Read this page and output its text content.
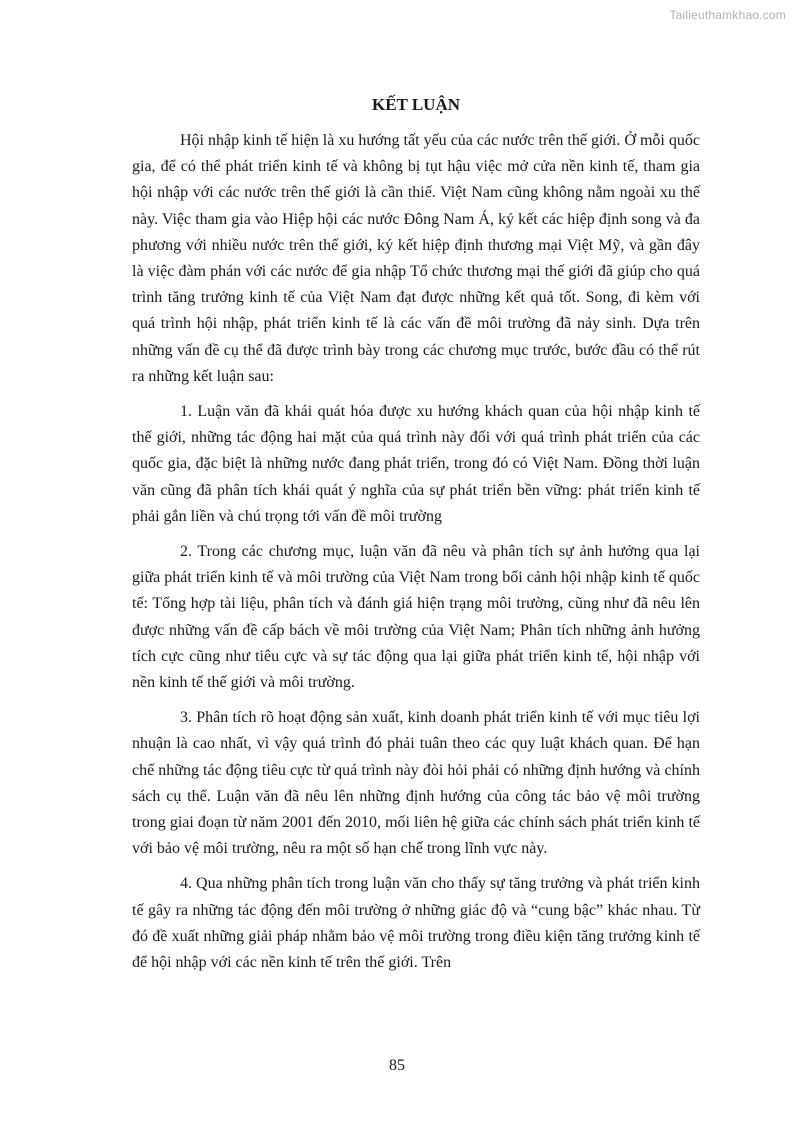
Tailieuthamkhao.com
KẾT LUẬN

Hội nhập kinh tế hiện là xu hướng tất yếu của các nước trên thế giới. Ở mỗi quốc gia, để có thể phát triển kinh tế và không bị tụt hậu việc mở cửa nền kinh tế, tham gia hội nhập với các nước trên thế giới là cần thiế. Việt Nam cũng không nằm ngoài xu thế này. Việc tham gia vào Hiệp hội các nước Đông Nam Á, ký kết các hiệp định song và đa phương với nhiều nước trên thế giới, ký kết hiệp định thương mại Việt Mỹ, và gần đây là việc đàm phán với các nước để gia nhập Tổ chức thương mại thế giới đã giúp cho quá trình tăng trưởng kinh tế của Việt Nam đạt được những kết quả tốt. Song, đi kèm với quá trình hội nhập, phát triển kinh tế là các vấn đề môi trường đã nảy sinh. Dựa trên những vấn đề cụ thể đã được trình bày trong các chương mục trước, bước đầu có thể rút ra những kết luận sau:

1. Luận văn đã khái quát hóa được xu hướng khách quan của hội nhập kinh tế thế giới, những tác động hai mặt của quá trình này đối với quá trình phát triển của các quốc gia, đặc biệt là những nước đang phát triển, trong đó có Việt Nam. Đồng thời luận văn cũng đã phân tích khái quát ý nghĩa của sự phát triển bền vững: phát triển kinh tế phải gắn liền và chú trọng tới vấn đề môi trường

2. Trong các chương mục, luận văn đã nêu và phân tích sự ảnh hưởng qua lại giữa phát triển kinh tế và môi trường của Việt Nam trong bối cảnh hội nhập kinh tế quốc tế: Tổng hợp tài liệu, phân tích và đánh giá hiện trạng môi trường, cũng như đã nêu lên được những vấn đề cấp bách về môi trường của Việt Nam; Phân tích những ảnh hưởng tích cực cũng như tiêu cực và sự tác động qua lại giữa phát triển kinh tế, hội nhập với nền kinh tế thế giới và môi trường.

3. Phân tích rõ hoạt động sản xuất, kinh doanh phát triển kinh tế với mục tiêu lợi nhuận là cao nhất, vì vậy quá trình đó phải tuân theo các quy luật khách quan. Để hạn chế những tác động tiêu cực từ quá trình này đòi hỏi phải có những định hướng và chính sách cụ thể. Luận văn đã nêu lên những định hướng của công tác bảo vệ môi trường trong giai đoạn từ năm 2001 đến 2010, mối liên hệ giữa các chính sách phát triển kinh tế với bảo vệ môi trường, nêu ra một số hạn chế trong lĩnh vực này.

4. Qua những phân tích trong luận văn cho thấy sự tăng trưởng và phát triển kinh tế gây ra những tác động đến môi trường ở những giác độ và “cung bậc” khác nhau. Từ đó đề xuất những giải pháp nhằm bảo vệ môi trường trong điều kiện tăng trưởng kinh tế để hội nhập với các nền kinh tế trên thế giới. Trên

85
